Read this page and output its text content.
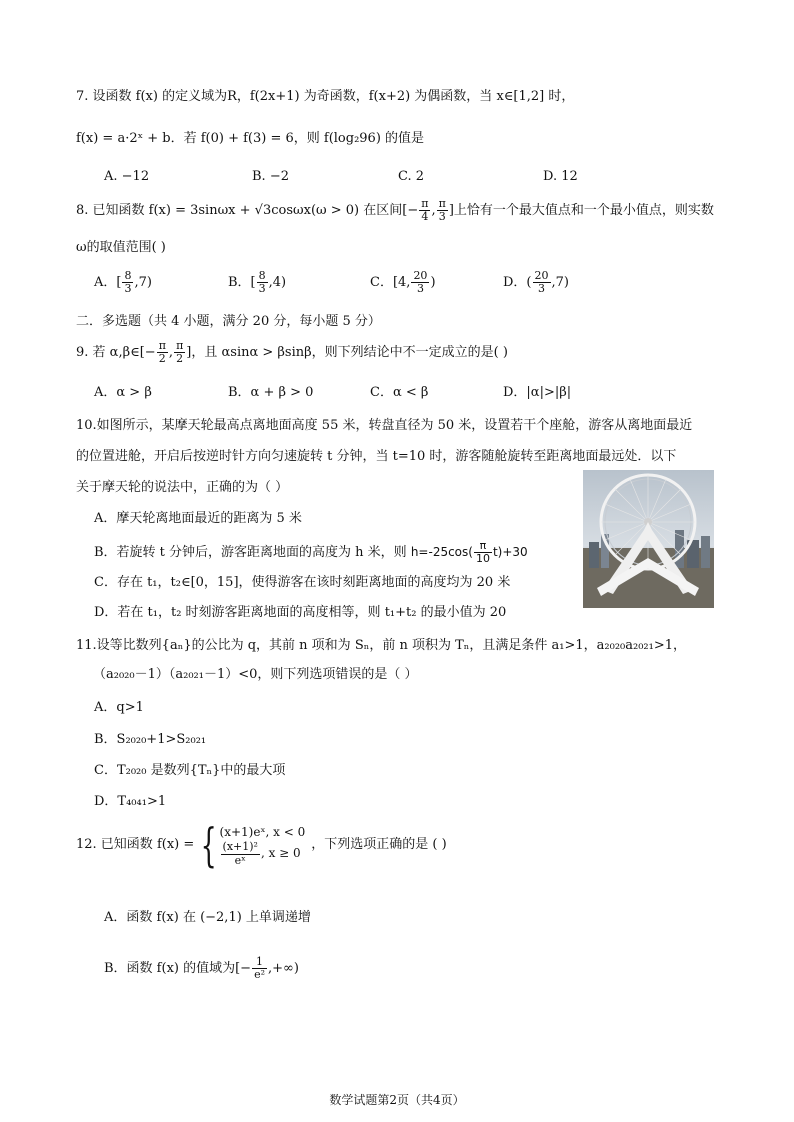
7. 设函数 f(x) 的定义域为R，f(2x+1) 为奇函数，f(x+2) 为偶函数，当 x∈[1,2] 时，
f(x) = a·2ˣ + b．若 f(0) + f(3) = 6，则 f(log₂96) 的值是
A. −12	B. −2	C. 2	D. 12
8. 已知函数 f(x) = 3sinωx + √3cosωx(ω > 0) 在区间[− $\frac{\pi}{4}$ , $\frac{\pi}{3}$ ]上恰有一个最大值点和一个最小值点，则实数
ω的取值范围( )
A．[ $\frac{8}{3} ,7$)	B．[ $\frac{8}{3} ,4$)	C．[4, $\frac{20}{3}$ )	D．( $\frac{20}{3} ,7$)
二．多选题（共 4 小题，满分 20 分，每小题 5 分）
9. 若 α,β∈[− $\frac{\pi}{2}$ , $\frac{\pi}{2}$ ]，且 αsinα > βsinβ，则下列结论中不一定成立的是( )
A．α > β	B．α + β > 0	C．α < β	D．|α|>|β|
10.如图所示，某摩天轮最高点离地面高度 55 米，转盘直径为 50 米，设置若干个座舱，游客从离地面最近
的位置进舱，开启后按逆时针方向匀速旋转 t 分钟，当 t=10 时，游客随舱旋转至距离地面最远处．以下
关于摩天轮的说法中，正确的为（ ）
A．摩天轮离地面最近的距离为 5 米
B．若旋转 t 分钟后，游客距离地面的高度为 h 米，则 $h=-25\cos( \frac{\pi}{10} t)+30$
C．存在 t₁，t₂∈[0，15]，使得游客在该时刻距离地面的高度均为 20 米
D．若在 t₁，t₂ 时刻游客距离地面的高度相等，则 t₁+t₂ 的最小值为 20
11.设等比数列{aₙ}的公比为 q，其前 n 项和为 Sₙ，前 n 项积为 Tₙ，且满足条件 a₁>1，a₂₀₂₀a₂₀₂₁>1，
（a₂₀₂₀－1）（a₂₀₂₁－1）<0，则下列选项错误的是（ ）
A．q>1
B．S₂₀₂₀+1>S₂₀₂₁
C．T₂₀₂₀ 是数列{Tₙ}中的最大项
D．T₄₀₄₁>1
12. 已知函数 f(x) = { (x+1)eˣ, x < 0
$\frac{\text{(x+1)²}}{\text{eˣ}}$ , x ≥ 0
，下列选项正确的是 ( )
A．函数 f(x) 在 (−2,1) 上单调递增
B．函数 f(x) 的值域为[− $\frac{1}{\text{e²}}$ ,+∞)
数学试题第2页（共4页）
